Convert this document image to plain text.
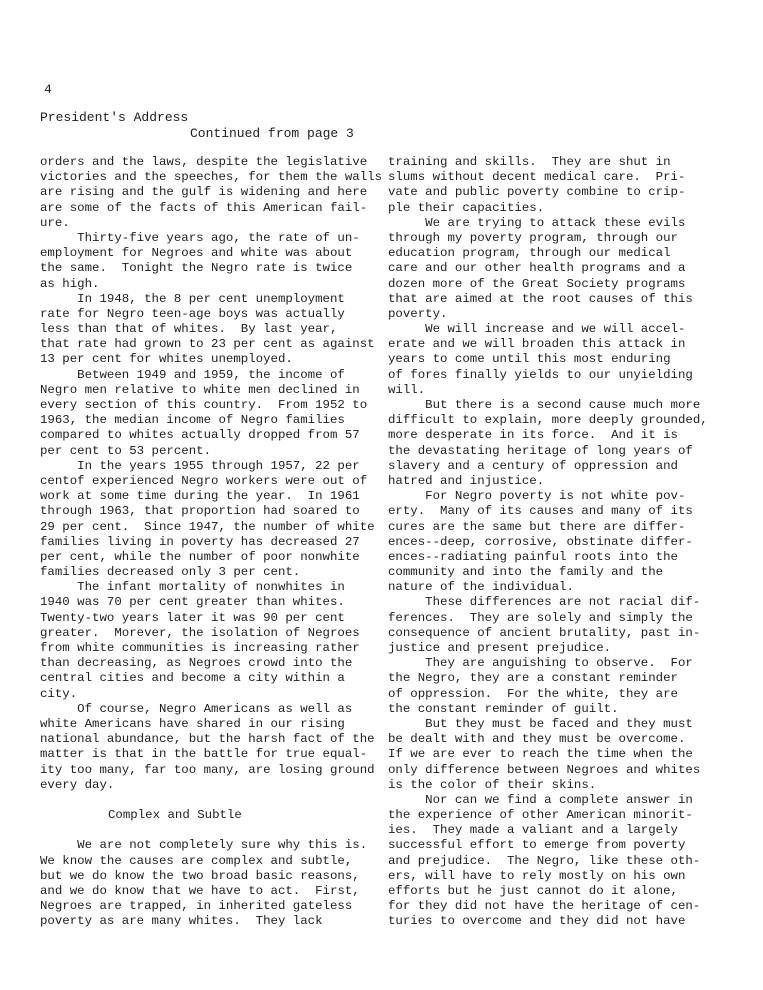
4
President's Address
Continued from page 3
orders and the laws, despite the legislative
victories and the speeches, for them the walls
are rising and the gulf is widening and here
are some of the facts of this American fail-
ure.
Thirty-five years ago, the rate of un-
employment for Negroes and white was about
the same.  Tonight the Negro rate is twice
as high.
In 1948, the 8 per cent unemployment
rate for Negro teen-age boys was actually
less than that of whites.  By last year,
that rate had grown to 23 per cent as against
13 per cent for whites unemployed.
Between 1949 and 1959, the income of
Negro men relative to white men declined in
every section of this country.  From 1952 to
1963, the median income of Negro families
compared to whites actually dropped from 57
per cent to 53 percent.
In the years 1955 through 1957, 22 per
centof experienced Negro workers were out of
work at some time during the year.  In 1961
through 1963, that proportion had soared to
29 per cent.  Since 1947, the number of white
families living in poverty has decreased 27
per cent, while the number of poor nonwhite
families decreased only 3 per cent.
The infant mortality of nonwhites in
1940 was 70 per cent greater than whites.
Twenty-two years later it was 90 per cent
greater.  Morever, the isolation of Negroes
from white communities is increasing rather
than decreasing, as Negroes crowd into the
central cities and become a city within a
city.
Of course, Negro Americans as well as
white Americans have shared in our rising
national abundance, but the harsh fact of the
matter is that in the battle for true equal-
ity too many, far too many, are losing ground
every day.
Complex and Subtle
We are not completely sure why this is.
We know the causes are complex and subtle,
but we do know the two broad basic reasons,
and we do know that we have to act.  First,
Negroes are trapped, in inherited gateless
poverty as are many whites.  They lack
training and skills.  They are shut in
slums without decent medical care.  Pri-
vate and public poverty combine to crip-
ple their capacities.
We are trying to attack these evils
through my poverty program, through our
education program, through our medical
care and our other health programs and a
dozen more of the Great Society programs
that are aimed at the root causes of this
poverty.
We will increase and we will accel-
erate and we will broaden this attack in
years to come until this most enduring
of fores finally yields to our unyielding
will.
But there is a second cause much more
difficult to explain, more deeply grounded,
more desperate in its force.  And it is
the devastating heritage of long years of
slavery and a century of oppression and
hatred and injustice.
For Negro poverty is not white pov-
erty.  Many of its causes and many of its
cures are the same but there are differ-
ences--deep, corrosive, obstinate differ-
ences--radiating painful roots into the
community and into the family and the
nature of the individual.
These differences are not racial dif-
ferences.  They are solely and simply the
consequence of ancient brutality, past in-
justice and present prejudice.
They are anguishing to observe.  For
the Negro, they are a constant reminder
of oppression.  For the white, they are
the constant reminder of guilt.
But they must be faced and they must
be dealt with and they must be overcome.
If we are ever to reach the time when the
only difference between Negroes and whites
is the color of their skins.
Nor can we find a complete answer in
the experience of other American minorit-
ies.  They made a valiant and a largely
successful effort to emerge from poverty
and prejudice.  The Negro, like these oth-
ers, will have to rely mostly on his own
efforts but he just cannot do it alone,
for they did not have the heritage of cen-
turies to overcome and they did not have
